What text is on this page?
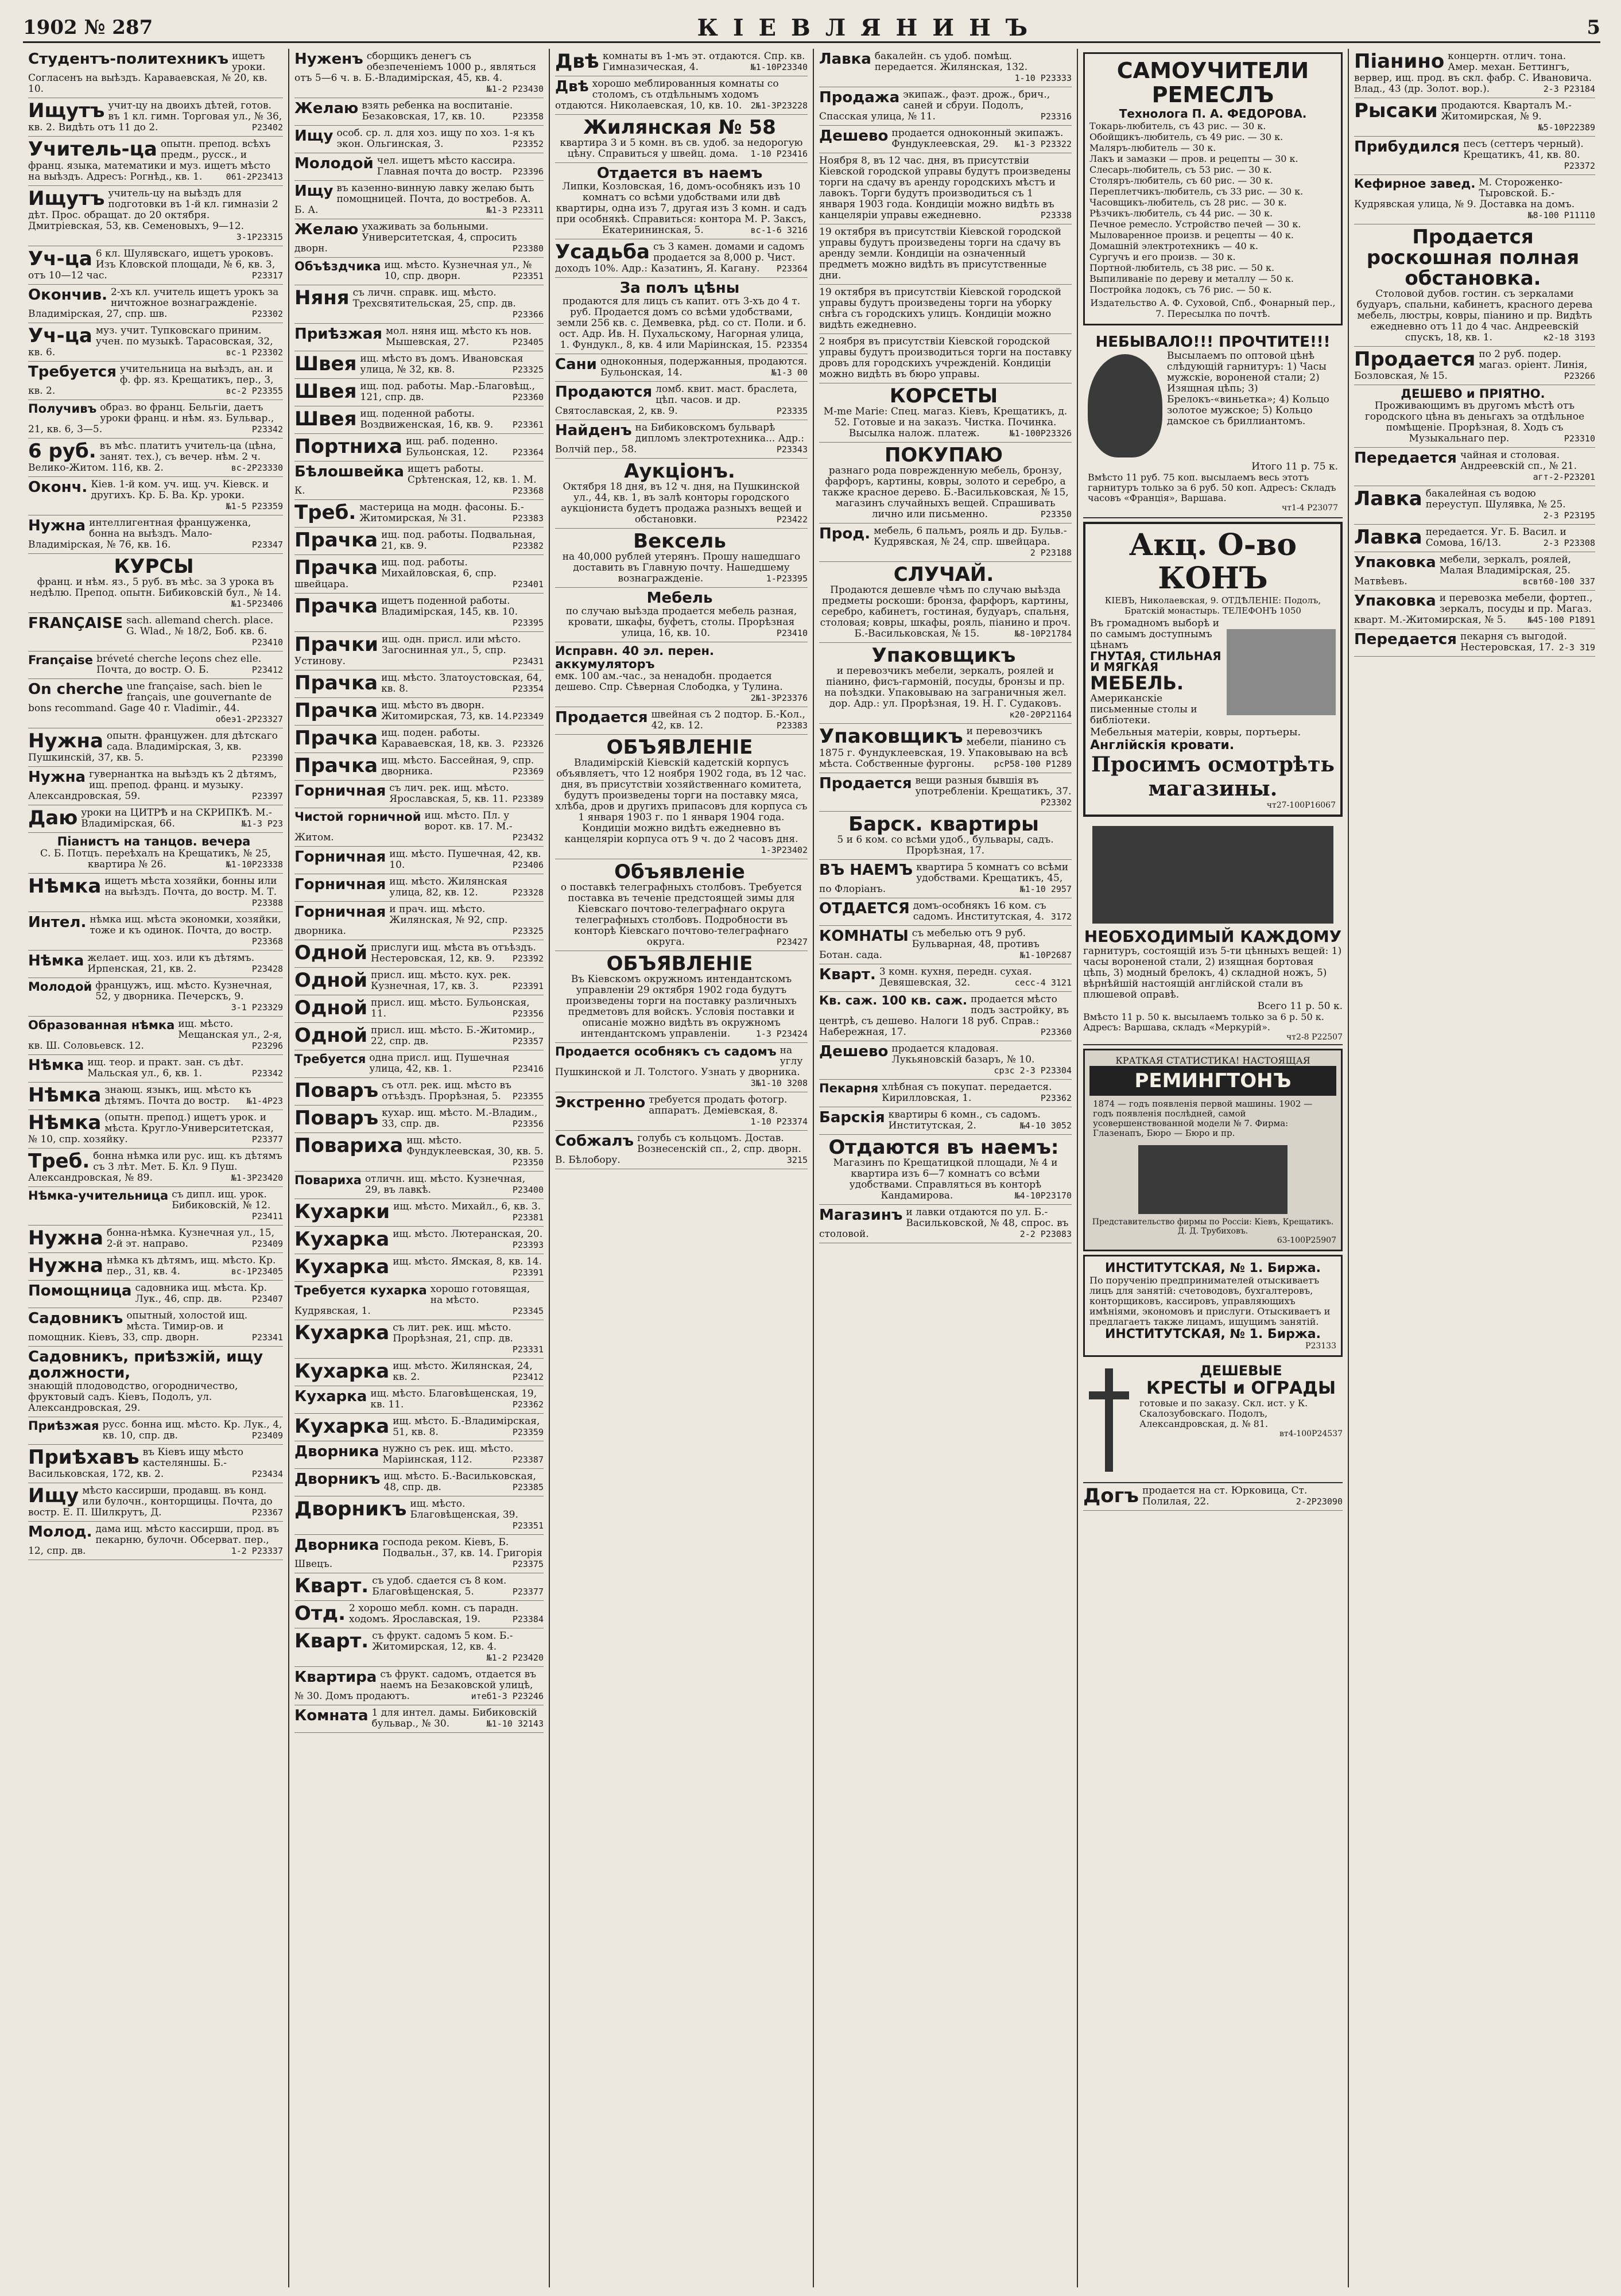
1902 № 287	КІЕВЛЯНИНЪ	5
Студентъ-политехникъ ищетъ уроки. Согласенъ на выѣздъ. Караваевская, № 20, кв. 10.
Ищутъ учит-цу на двоихъ дѣтей, готов. въ 1 кл. гимн. Торговая ул., № 36, кв. 2. Видѣть отъ 11 до 2.	P23402
Учитель-ца опытн. препод. всѣхъ предм., русск., и франц. языка, математики и муз. ищетъ мѣсто на выѣздъ. Адресъ: Рогнѣд., кв. 1.	061-2P23413
Ищутъ учитель-цу на выѣздъ для подготовки въ 1-й кл. гимназіи 2 дѣт. Прос. обращат. до 20 октября. Дмитріевская, 53, кв. Семеновыхъ, 9—12.
3-1P23315
Уч-ца 6 кл. Шулявскаго, ищетъ уроковъ. Изъ Кловской площади, № 6, кв. 3, отъ 10—12 час.	P23317
Окончив. 2-хъ кл. учитель ищетъ урокъ за ничтожное вознагражденіе. Владимірская, 27, спр. шв.	P23302
Уч-ца муз. учит. Тупковскаго приним. учен. по музыкѣ. Тарасовская, 32, кв. 6.	вс-1 P23302
Требуется учительница на выѣздъ, ан. и ф. фр. яз. Крещатикъ, пер., 3, кв. 2.	вс-2 P23355
Получивъ образ. во франц. Бельгіи, даетъ уроки франц. и нѣм. яз. Бульвар., 21, кв. 6, 3—5.	P23342
6 руб. въ мѣс. платитъ учитель-ца (цѣна, занят. тех.), съ вечер. нѣм. 2 ч. Велико-Житом. 116, кв. 2.	вс-2P23330
Оконч. Кіев. 1-й ком. уч. ищ. уч. Кіевск. и другихъ. Кр. Б. Ва. Кр. уроки.
№1-5 P23359
Нужна интеллигентная француженка, бонна на выѣздъ. Мало-Владимірская, № 76, кв. 16.	P23347
КУРСЫ
франц. и нѣм. яз., 5 руб. въ мѣс. за 3 урока въ недѣлю. Препод. опытн. Бибиковскій бул., № 14.
№1-5P23406
FRANÇAISE sach. allemand cherch. place. G. Wlad., № 18/2, Боб. кв. 6.
P23410
Française bréveté cherche leçons chez elle. Почта, до востр. О. Б.	P23412
On cherche une française, sach. bien le français, une gouvernante de bons recommand. Gage 40 r. Vladimir., 44.
обеэ1-2P23327
Нужна опытн. францужен. для дѣтскаго сада. Владимірская, 3, кв. Пушкинскій, 37, кв. 5.	P23390
Нужна гувернантка на выѣздъ къ 2 дѣтямъ, ищ. препод. франц. и музыку. Александровская, 59.	P23397
Даю уроки на ЦИТРѢ и на СКРИПКѢ. М.-Владимірская, 66.	№1-3 P23
Піанистъ на танцов. вечера
С. Б. Потцъ. переѣхалъ на Крещатикъ, № 25, квартира № 26.	№1-10P23338
Нѣмка ищетъ мѣста хозяйки, бонны или на выѣздъ. Почта, до востр. М. Т.
P23388
Интел. нѣмка ищ. мѣста экономки, хозяйки, тоже и къ одинок. Почта, до востр.
P23368
Нѣмка желает. ищ. хоз. или къ дѣтямъ. Ирпенская, 21, кв. 2.	P23428
Молодой францужъ, ищ. мѣсто. Кузнечная, 52, у дворника. Печерскъ, 9.
3-1 P23329
Образованная нѣмка ищ. мѣсто. Мещанская ул., 2-я, кв. Ш. Соловьевск. 12.	P23296
Нѣмка ищ. теор. и практ. зан. съ дѣт. Мальская ул., 6, кв. 1.	P23342
Нѣмка знающ. языкъ, ищ. мѣсто къ дѣтямъ. Почта до востр. №1-4P23
Нѣмка (опытн. препод.) ищетъ урок. и мѣста. Кругло-Университетская, № 10, спр. хозяйку.	P23377
Треб. бонна нѣмка или рус. ищ. къ дѣтямъ съ 3 лѣт. Мет. Б. Кл. 9 Пуш. Александровская, № 89.	№1-3P23420
Нѣмка-учительница съ дипл. ищ. урок. Бибиковскій, № 12.
P23411
Нужна бонна-нѣмка. Кузнечная ул., 15, 2-й эт. направо.	P23409
Нужна нѣмка къ дѣтямъ, ищ. мѣсто. Кр. пер., 31, кв. 4.	вс-1P23405
Помощница садовника ищ. мѣста. Кр. Лук., 46, спр. дв.	P23407
Садовникъ опытный, холостой ищ. мѣста. Тимир-ов. и помощник. Кіевъ, 33, спр. дворн.	P23341
Садовникъ, приѣзжій, ищу должности,
знающій плодоводство, огородничество, фруктовый садъ. Кіевъ, Подолъ, ул. Александровская, 29.
Приѣзжая русс. бонна ищ. мѣсто. Кр. Лук., 4, кв. 10, спр. дв.	P23409
Приѣхавъ въ Кіевъ ищу мѣсто кастеляншы. Б.-Васильковская, 172, кв. 2.	P23434
Ищу мѣсто кассирши, продавщ. въ конд. или булочн., конторщицы. Почта, до востр. Е. П. Шилкрутъ, Д.	P23367
Молод. дама ищ. мѣсто кассирши, прод. въ пекарню, булочн. Обсерват. пер., 12, спр. дв.	1-2 P23337
Нуженъ сборщикъ денегъ съ обезпеченіемъ 1000 р., являться отъ 5—6 ч. в. Б.-Владимірская, 45, кв. 4.
№1-2 P23430
Желаю взять ребенка на воспитаніе. Безаковская, 17, кв. 10.	P23358
Ищу особ. ср. л. для хоз. ищу по хоз. 1-я къ экон. Ольгинская, 3.	P23352
Молодой чел. ищетъ мѣсто кассира. Главная почта до востр. P23396
Ищу въ казенно-винную лавку желаю быть помощницей. Почта, до востребов. А. Б. А.	№1-3 P23311
Желаю ухаживать за больными. Университетская, 4, спросить дворн.	P23380
Объѣздчика ищ. мѣсто. Кузнечная ул., № 10, спр. дворн.	P23351
Няня съ личн. справк. ищ. мѣсто. Трехсвятительская, 25, спр. дв.
P23366
Приѣзжая мол. няня ищ. мѣсто къ нов. Мышевская, 27.	P23405
Швея ищ. мѣсто въ домъ. Ивановская улица, № 32, кв. 8.	P23325
Швея ищ. под. работы. Мар.-Благовѣщ., 121, спр. дв.	P23360
Швея ищ. поденной работы. Воздвиженская, 16, кв. 9. P23361
Портниха ищ. раб. поденно. Бульонская, 12.	P23364
Бѣлошвейка ищетъ работы. Срѣтенская, 12, кв. 1. М. К.	P23368
Треб. мастерица на модн. фасоны. Б.-Житомирская, № 31.	P23383
Прачка ищ. под. работы. Подвальная, 21, кв. 9.	P23382
Прачка ищ. под. работы. Михайловская, 6, спр. швейцара.	P23401
Прачка ищетъ поденной работы. Владимірская, 145, кв. 10.
P23395
Прачки ищ. одн. присл. или мѣсто. Загоснинная ул., 5, спр. Устинову.	P23431
Прачка ищ. мѣсто. Златоустовская, 64, кв. 8.	P23354
Прачка ищ. мѣсто въ дворн. Житомирская, 73, кв. 14. P23349
Прачка ищ. поден. работы. Караваевская, 18, кв. 3. P23326
Прачка ищ. мѣсто. Бассейная, 9, спр. дворника.	P23369
Горничная съ лич. рек. ищ. мѣсто. Ярославская, 5, кв. 11. P23389
Чистой горничной ищ. мѣсто. Пл. у ворот. кв. 17. М.-Житом.	P23432
Горничная ищ. мѣсто. Пушечная, 42, кв. 10.	P23406
Горничная ищ. мѣсто. Жилянская улица, 82, кв. 12.	P23328
Горничная и прач. ищ. мѣсто. Жилянская, № 92, спр. дворника.	P23325
Одной прислуги ищ. мѣста въ отъѣздъ. Нестеровская, 12, кв. 9. P23392
Одной присл. ищ. мѣсто. кух. рек. Кузнечная, 17, кв. 3.	P23391
Одной присл. ищ. мѣсто. Бульонская, 11.	P23356
Одной присл. ищ. мѣсто. Б.-Житомир., 22, спр. дв.	P23357
Требуется одна присл. ищ. Пушечная улица, 42, кв. 1.	P23416
Поваръ съ отл. рек. ищ. мѣсто въ отъѣздъ. Прорѣзная, 5. P23355
Поваръ кухар. ищ. мѣсто. М.-Владим., 33, спр. дв.	P23356
Повариха ищ. мѣсто. Фундуклеевская, 30, кв. 5.
P23350
Повариха отличн. ищ. мѣсто. Кузнечная, 29, въ лавкѣ.	P23400
Кухарки ищ. мѣсто. Михайл., 6, кв. 3.
P23381
Кухарка ищ. мѣсто. Лютеранская, 20.
P23393
Кухарка ищ. мѣсто. Ямская, 8, кв. 14.
P23391
Требуется кухарка хорошо готовящая, на мѣсто. Кудрявская, 1.	P23345
Кухарка съ лит. рек. ищ. мѣсто. Прорѣзная, 21, спр. дв.
P23331
Кухарка ищ. мѣсто. Жилянская, 24, кв. 2.	P23412
Кухарка ищ. мѣсто. Благовѣщенская, 19, кв. 11.	P23362
Кухарка ищ. мѣсто. Б.-Владимірская, 51, кв. 8.	P23359
Дворника нужно съ рек. ищ. мѣсто. Маріинская, 112.	P23387
Дворникъ ищ. мѣсто. Б.-Васильковская, 48, спр. дв.	P23385
Дворникъ ищ. мѣсто. Благовѣщенская, 39.
P23351
Дворника господа реком. Кіевъ, Б. Подвальн., 37, кв. 14. Григорія Швецъ.	P23375
Кварт. съ удоб. сдается съ 8 ком. Благовѣщенская, 5.	P23377
Отд. 2 хорошо мебл. комн. съ парадн. ходомъ. Ярославская, 19.	P23384
Кварт. съ фрукт. садомъ 5 ком. Б.-Житомирская, 12, кв. 4.
№1-2 P23420
Квартира съ фрукт. садомъ, отдается въ наемъ на Безаковской улицѣ, № 30. Домъ продаютъ.	итеб1-3 P23246
Комната 1 для интел. дамы. Бибиковскій бульвар., № 30.	№1-10 32143
Двѣ комнаты въ 1-мъ эт. отдаются. Спр. кв. Гимназическая, 4.	№1-10P23340
Двѣ хорошо меблированныя комнаты со столомъ, съ отдѣльнымъ ходомъ отдаются. Николаевская, 10, кв. 10. 2№1-3P23228
Жилянская № 58
квартира 3 и 5 комн. въ св. удоб. за недорогую цѣну. Справиться у швейц. дома. 1-10 P23416
Отдается въ наемъ
Липки, Козловская, 16, домъ-особнякъ изъ 10 комнатъ со всѣми удобствами или двѣ квартиры, одна изъ 7, другая изъ 3 комн. и садъ при особнякѣ. Справиться: контора М. Р. Заксъ, Екатерининская, 5.	вс-1-6 3216
Усадьба съ 3 камен. домами и садомъ продается за 8,000 р. Чист. доходъ 10%. Адр.: Казатинъ, Я. Кагану. P23364
За полъ цѣны
продаются для лицъ съ капит. отъ 3-хъ до 4 т. руб. Продается домъ со всѣми удобствами, земли 256 кв. с. Демвевка, рѣд. со ст. Поли. и б. ост. Адр. Ив. Н. Пухальскому, Нагорная улица, 1. Фундукл., 8, кв. 4 или Маріинская, 15. P23354
Сани одноконныя, подержанныя, продаются. Бульонская, 14.	№1-3 00
Продаются ломб. квит. маст. браслета, цѣп. часов. и др. Святославская, 2, кв. 9.	P23335
Найденъ на Бибиковскомъ бульварѣ дипломъ злектротехника... Адр.: Волчій пер., 58.	P23343
Аукціонъ.
Октября 18 дня, въ 12 ч. дня, на Пушкинской ул., 44, кв. 1, въ залѣ конторы городского аукціониста будетъ продажа разныхъ вещей и обстановки.	P23422
Вексель
на 40,000 рублей утерянъ. Прошу нашедшаго доставить въ Главную почту. Нашедшему вознагражденіе.	1-P23395
Мебель
по случаю выѣзда продается мебель разная, кровати, шкафы, буфетъ, столы. Прорѣзная улица, 16, кв. 10.	P23410
Исправн. 40 эл. перен. аккумуляторъ
емк. 100 ам.-час., за ненадобн. продается дешево. Спр. Сѣверная Слободка, у Тулина.
2№1-3P23376
Продается швейная съ 2 подтор. Б.-Кол., 42, кв. 12.	P23383
ОБЪЯВЛЕНІЕ
Владимірскій Кіевскій кадетскій корпусъ объявляетъ, что 12 ноября 1902 года, въ 12 час. дня, въ присутствіи хозяйственнаго комитета, будутъ произведены торги на поставку мяса, хлѣба, дров и другихъ припасовъ для корпуса съ 1 января 1903 г. по 1 января 1904 года. Кондиціи можно видѣть ежедневно въ канцеляріи корпуса отъ 9 ч. до 2 часовъ дня.
1-3P23402
Объявленіе
о поставкѣ телеграфныхъ столбовъ. Требуется поставка въ теченіе предстоящей зимы для Кіевскаго почтово-телеграфнаго округа телеграфныхъ столбовъ. Подробности въ конторѣ Кіевскаго почтово-телеграфнаго округа.	P23427
ОБЪЯВЛЕНІЕ
Въ Кіевскомъ окружномъ интендантскомъ управленіи 29 октября 1902 года будутъ произведены торги на поставку различныхъ предметовъ для войскъ. Условія поставки и описаніе можно видѣть въ окружномъ интендантскомъ управленіи.	1-3 P23424
Продается особнякъ съ садомъ на углу Пушкинской и Л. Толстого. Узнать у дворника.
3№1-10 3208
Экстренно требуется продать фотогр. аппаратъ. Деміевская, 8.
1-10 P23374
Собжалъ голубь съ кольцомъ. Достав. Вознесенскій сп., 2, спр. дворн. В. Бѣлобору.	3215
Лавка бакалейн. съ удоб. помѣщ. передается. Жилянская, 132.
1-10 P23333
Продажа экипаж., фаэт. дрож., брич., саней и сбруи. Подолъ, Спасская улица, № 11.	P23316
Дешево продается одноконный экипажъ. Фундуклеевская, 29. №1-3 P23322
Ноября 8, въ 12 час. дня, въ присутствіи Кіевской городской управы будутъ произведены торги на сдачу въ аренду городскихъ мѣстъ и лавокъ. Торги будутъ производиться съ 1 января 1903 года. Кондиціи можно видѣть въ канцеляріи управы ежедневно.	P23338
19 октября въ присутствіи Кіевской городской управы будутъ произведены торги на сдачу въ аренду земли. Кондиціи на означенный предметъ можно видѣть въ присутственные дни.
19 октября въ присутствіи Кіевской городской управы будутъ произведены торги на уборку снѣга съ городскихъ улицъ. Кондиціи можно видѣть ежедневно.
2 ноября въ присутствіи Кіевской городской управы будутъ производиться торги на поставку дровъ для городскихъ учрежденій. Кондиціи можно видѣть въ бюро управы.
КОРСЕТЫ
M-me Marie: Спец. магаз. Кіевъ, Крещатикъ, д. 52. Готовые и на заказъ. Чистка. Починка. Высылка налож. платеж.	№1-100P23326
ПОКУПАЮ
разнаго рода поврежденную мебель, бронзу, фарфоръ, картины, ковры, золото и серебро, а также красное дерево. Б.-Васильковская, № 15, магазинъ случайныхъ вещей. Спрашивать лично или письменно.	P23350
Прод. мебель, 6 пальмъ, рояль и др. Бульв.-Кудрявская, № 24, спр. швейцара.
2 P23188
СЛУЧАЙ.
Продаются дешевле чѣмъ по случаю выѣзда предметы роскоши: бронза, фарфоръ, картины, серебро, кабинетъ, гостиная, будуаръ, спальня, столовая; ковры, шкафы, рояль, піанино и проч. Б.-Васильковская, № 15.	№8-10P21784
Упаковщикъ
и перевозчикъ мебели, зеркалъ, роялей и піанино, фисъ-гармоній, посуды, бронзы и пр. на поѣздки. Упаковываю на заграничныя жел. дор. Адр.: ул. Прорѣзная, 19. Н. Г. Судаковъ.
к20-20P21164
Упаковщикъ и перевозчикъ мебели, піанино съ 1875 г. Фундуклеевская, 19. Упаковываю на всѣ мѣста. Собственные фургоны. рсР58-100 P1289
Продается вещи разныя бывшія въ употребленіи. Крещатикъ, 37.
P23302
Барск. квартиры
5 и 6 ком. со всѣми удоб., бульвары, садъ. Прорѣзная, 17.
ВЪ НАЕМЪ квартира 5 комнатъ со всѣми удобствами. Крещатикъ, 45, по Флоріанъ.	№1-10 2957
ОТДАЕТСЯ домъ-особнякъ 16 ком. съ садомъ. Институтская, 4. 3172
КОМНАТЫ съ мебелью отъ 9 руб. Бульварная, 48, противъ Ботан. сада.	№1-10P2687
Кварт. 3 комн. кухня, передн. сухая. Девяшевская, 32.	сесс-4 3121
Кв. саж. 100 кв. саж. продается мѣсто подъ застройку, въ центрѣ, съ дешево. Налоги 18 руб. Справ.: Набережная, 17.	P23360
Дешево продается кладовая. Лукьяновскій базаръ, № 10.
срзс 2-3 P23304
Пекарня хлѣбная съ покупат. передается. Кирилловская, 1.	P23362
Барскія квартиры 6 комн., съ садомъ. Институтская, 2.	№4-10 3052
Отдаются въ наемъ:
Магазинъ по Крещатицкой площади, № 4 и квартира изъ 6—7 комнатъ со всѣми удобствами. Справляться въ конторѣ Кандамирова.	№4-10P23170
Магазинъ и лавки отдаются по ул. Б.-Васильковской, № 48, спрос. въ столовой.	2-2 P23083
САМОУЧИТЕЛИ РЕМЕСЛЪ
Технолога П. А. ФЕДОРОВА.
Токарь-любитель, съ 43 рис. — 30 к.
Обойщикъ-любитель, съ 49 рис. — 30 к.
Маляръ-любитель — 30 к.
Лакъ и замазки — пров. и рецепты — 30 к.
Слесарь-любитель, съ 53 рис. — 30 к.
Столяръ-любитель, съ 60 рис. — 30 к.
Переплетчикъ-любитель, съ 33 рис. — 30 к.
Часовщикъ-любитель, съ 28 рис. — 30 к.
Рѣзчикъ-любитель, съ 44 рис. — 30 к.
Печное ремесло. Устройство печей — 30 к.
Мыловаренное произв. и рецепты — 40 к.
Домашній электротехникъ — 40 к.
Сургучъ и его произв. — 30 к.
Портной-любитель, съ 38 рис. — 50 к.
Выпиливаніе по дереву и металлу — 50 к.
Постройка лодокъ, съ 76 рис. — 50 к.
Издательство А. Ф. Суховой, Спб., Фонарный пер., 7. Пересылка по почтѣ.
НЕБЫВАЛО!!! ПРОЧТИТЕ!!!
Высылаемъ по оптовой цѣнѣ слѣдующій гарнитуръ: 1) Часы мужскіе, вороненой стали; 2) Изящная цѣпь; 3) Брелокъ-«виньетка»; 4) Кольцо золотое мужское; 5) Кольцо дамское съ бриллиантомъ.
Итого 11 р. 75 к.
Вмѣсто 11 руб. 75 коп. высылаемъ весь этотъ гарнитуръ только за 6 руб. 50 коп. Адресъ: Складъ часовъ «Франція», Варшава.
чт1-4 P23077
Акц. О-во КОНЪ
КІЕВЪ, Николаевская, 9. ОТДѢЛЕНІЕ: Подолъ, Братскій монастырь. ТЕЛЕФОНЪ 1050
Въ громадномъ выборѣ и по самымъ доступнымъ цѣнамъ
ГНУТАЯ, СТИЛЬНАЯ И МЯГКАЯ
МЕБЕЛЬ.
Американскіе письменные столы и библіотеки.
Мебельныя матеріи, ковры, портьеры.
Англійскія кровати.
Просимъ осмотрѣть магазины.
чт27-100P16067
НЕОБХОДИМЫЙ КАЖДОМУ
гарнитуръ, состоящій изъ 5-ти цѣнныхъ вещей: 1) часы вороненой стали, 2) изящная бортовая цѣпь, 3) модный брелокъ, 4) складной ножъ, 5) вѣрнѣйшій настоящій англійской стали въ плюшевой оправѣ.
Всего 11 р. 50 к.
Вмѣсто 11 р. 50 к. высылаемъ только за 6 р. 50 к. Адресъ: Варшава, складъ «Меркурій».
чт2-8 P22507
КРАТКАЯ СТАТИСТИКА! НАСТОЯЩАЯ
РЕМИНГТОНЪ
1874 — годъ появленія первой машины. 1902 — годъ появленія послѣдней, самой усовершенствованной модели № 7. Фирма: Глазенапъ, Бюро — Бюро и пр.
Представительство фирмы по Россіи: Кіевъ, Крещатикъ. Д. Д. Трубиховъ.
63-100P25907
ИНСТИТУТСКАЯ, № 1. Биржа.
По порученію предпринимателей отыскиваетъ лицъ для занятій: счетоводовъ, бухгалтеровъ, конторщиковъ, кассировъ, управляющихъ имѣніями, экономовъ и прислуги. Отыскиваетъ и предлагаетъ также лицамъ, ищущимъ занятій.
ИНСТИТУТСКАЯ, № 1. Биржа.
P23133
ДЕШЕВЫЕ
КРЕСТЫ и ОГРАДЫ
готовые и по заказу. Скл. ист. у К. Скалозубовскаго. Подолъ, Александровская, д. № 81.
вт4-100P24537
Догъ продается на ст. Юрковица, Ст. Полилая, 22.	2-2P23090
Піанино концертн. отлич. тона. Амер. механ. Беттингъ, вервер, ищ. прод. въ скл. фабр. С. Ивановича. Влад., 43 (др. Золот. вор.).	2-3 P23184
Рысаки продаются. Кварталъ М.-Житомирская, № 9.
№5-10P22389
Прибудился песъ (сеттеръ черный). Крещатикъ, 41, кв. 80.
P23372
Кефирное завед. М. Стороженко-Тыровской. Б.-Кудрявская улица, № 9. Доставка на домъ.
№8-100 P11110
Продается роскошная полная обстановка.
Столовой дубов. гостин. съ зеркалами будуаръ, спальни, кабинетъ, красного дерева мебель, люстры, ковры, піанино и пр. Видѣть ежедневно отъ 11 до 4 час. Андреевскій спускъ, 18, кв. 1.	к2-18 3193
Продается по 2 руб. подер. магаз. оріент. Линія, Бозловская, № 15.	P23266
ДЕШЕВО и ПРІЯТНО.
Проживающимъ въ другомъ мѣстѣ отъ городского цѣна въ деньгахъ за отдѣльное помѣщеніе. Прорѣзная, 8. Ходъ съ Музыкальнаго пер.	P23310
Передается чайная и столовая. Андреевскій сп., № 21.
агт-2-P23201
Лавка бакалейная съ водою переуступ. Шулявка, № 25.
2-3 P23195
Лавка передается. Уг. Б. Васил. и Сомова, 16/13.	2-3 P23308
Упаковка мебели, зеркалъ, роялей, Малая Владимірская, 25. Матвѣевъ.	всвт60-100 337
Упаковка и перевозка мебели, фортеп., зеркалъ, посуды и пр. Магаз. кварт. М.-Житомирская, № 5.	№45-100 P1891
Передается пекарня съ выгодой. Нестеровская, 17. 2-3 319
